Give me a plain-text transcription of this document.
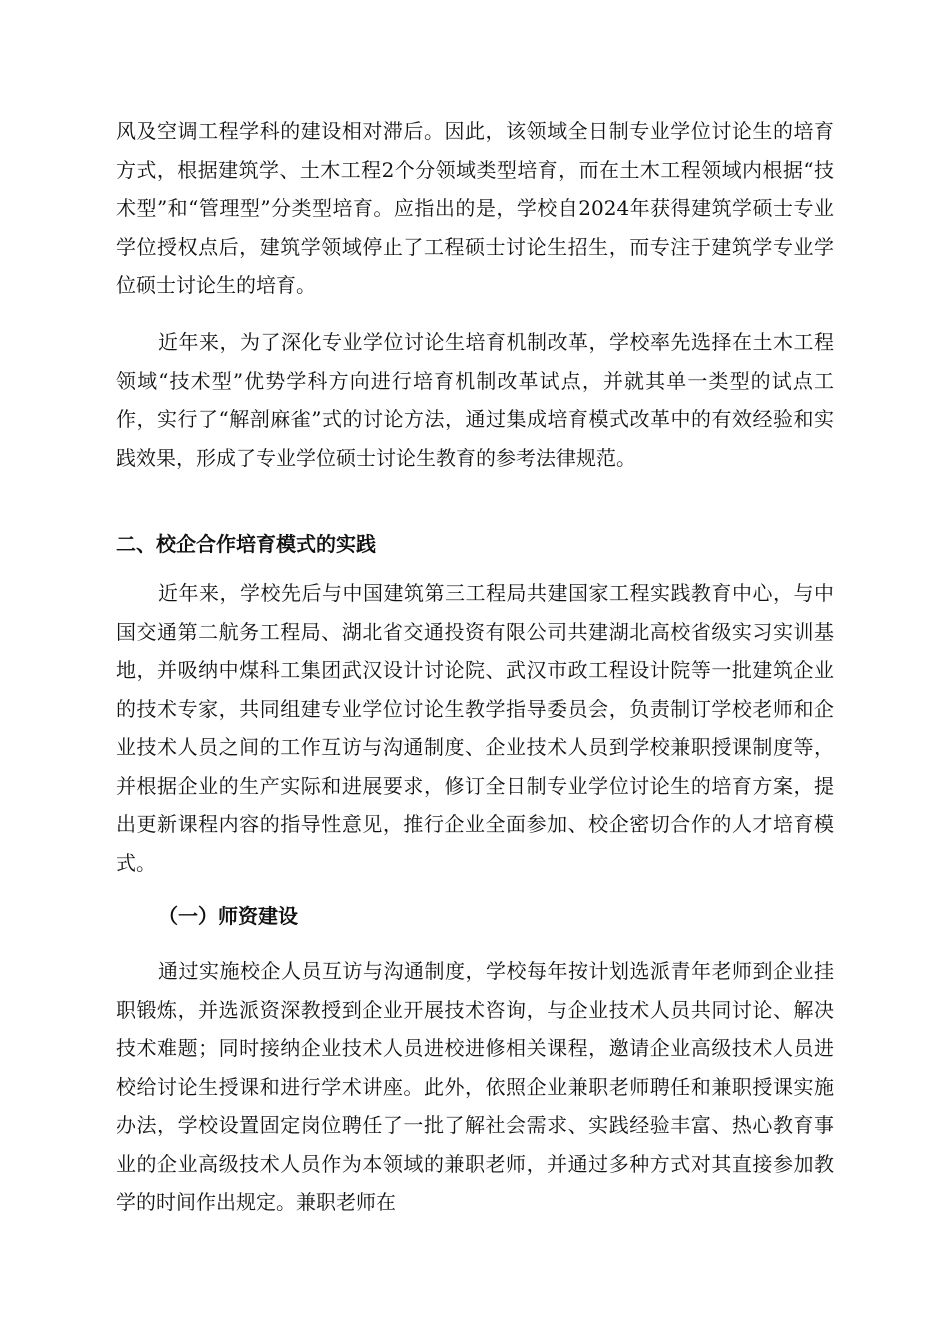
风及空调工程学科的建设相对滞后。因此，该领域全日制专业学位讨论生的培育方式，根据建筑学、土木工程2个分领域类型培育，而在土木工程领域内根据“技术型”和“管理型”分类型培育。应指出的是，学校自2024年获得建筑学硕士专业学位授权点后，建筑学领域停止了工程硕士讨论生招生，而专注于建筑学专业学位硕士讨论生的培育。

近年来，为了深化专业学位讨论生培育机制改革，学校率先选择在土木工程领域“技术型”优势学科方向进行培育机制改革试点，并就其单一类型的试点工作，实行了“解剖麻雀”式的讨论方法，通过集成培育模式改革中的有效经验和实践效果，形成了专业学位硕士讨论生教育的参考法律规范。

二、校企合作培育模式的实践

近年来，学校先后与中国建筑第三工程局共建国家工程实践教育中心，与中国交通第二航务工程局、湖北省交通投资有限公司共建湖北高校省级实习实训基地，并吸纳中煤科工集团武汉设计讨论院、武汉市政工程设计院等一批建筑企业的技术专家，共同组建专业学位讨论生教学指导委员会，负责制订学校老师和企业技术人员之间的工作互访与沟通制度、企业技术人员到学校兼职授课制度等，并根据企业的生产实际和进展要求，修订全日制专业学位讨论生的培育方案，提出更新课程内容的指导性意见，推行企业全面参加、校企密切合作的人才培育模式。

（一）师资建设

通过实施校企人员互访与沟通制度，学校每年按计划选派青年老师到企业挂职锻炼，并选派资深教授到企业开展技术咨询，与企业技术人员共同讨论、解决技术难题；同时接纳企业技术人员进校进修相关课程，邀请企业高级技术人员进校给讨论生授课和进行学术讲座。此外，依照企业兼职老师聘任和兼职授课实施办法，学校设置固定岗位聘任了一批了解社会需求、实践经验丰富、热心教育事业的企业高级技术人员作为本领域的兼职老师，并通过多种方式对其直接参加教学的时间作出规定。兼职老师在
